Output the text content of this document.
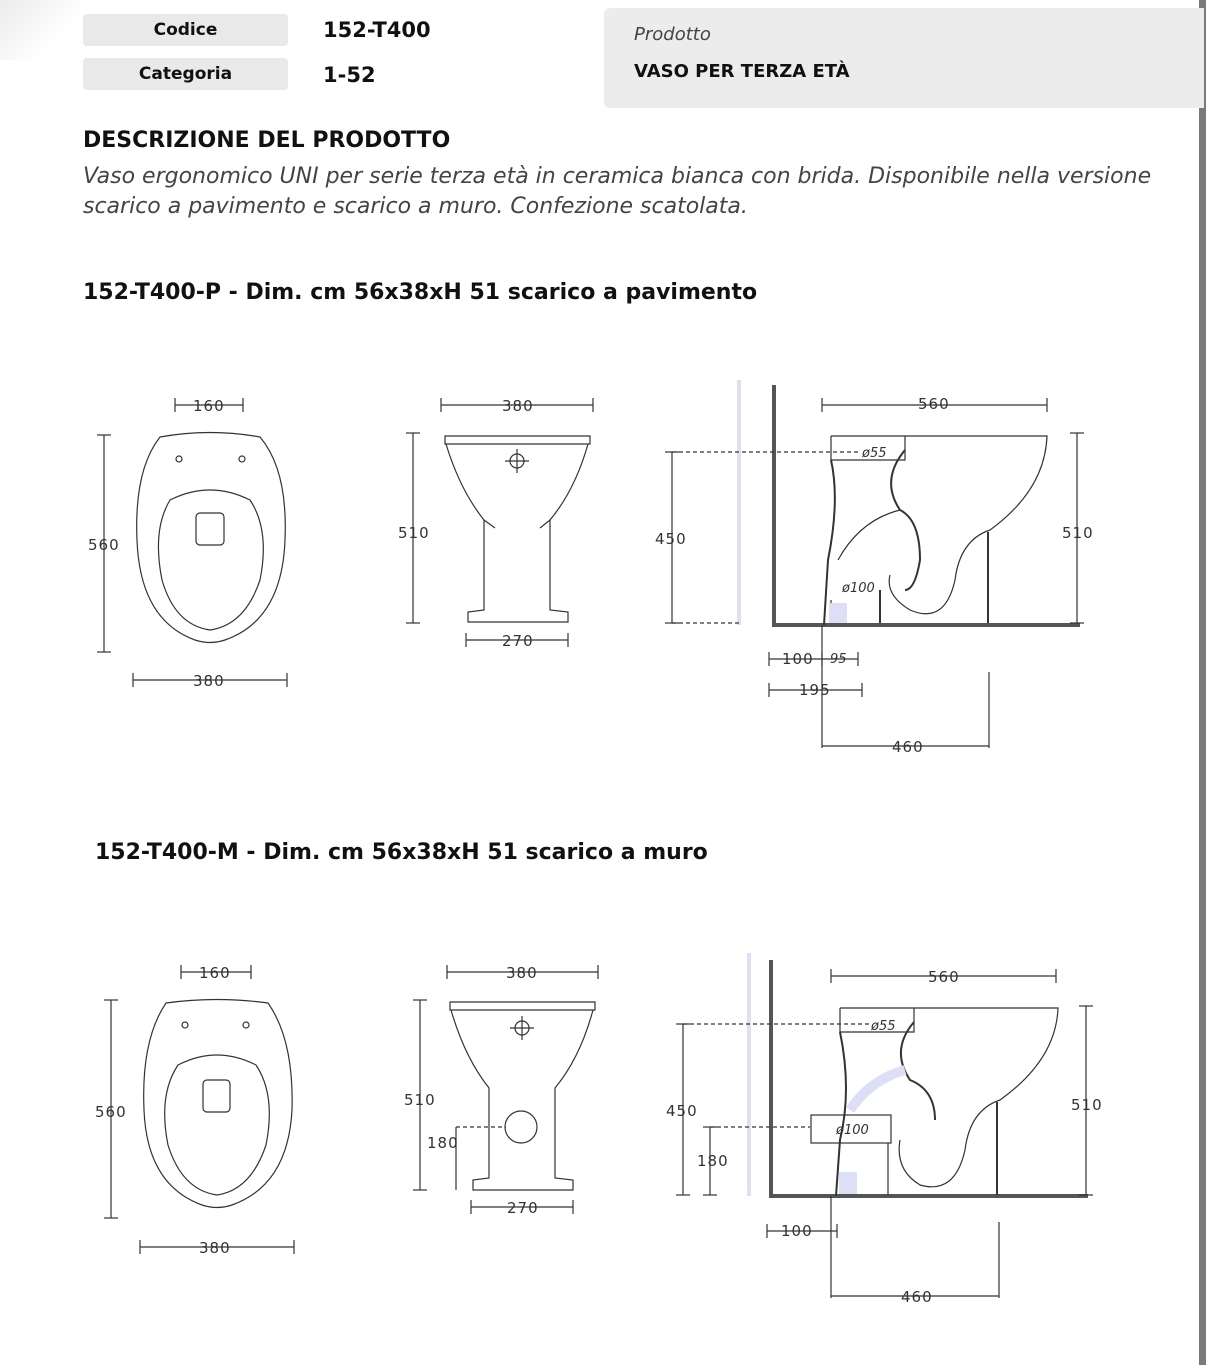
Codice	152-T400
Categoria	1-52
Prodotto
VASO PER TERZA ETÀ
DESCRIZIONE DEL PRODOTTO
Vaso ergonomico UNI per serie terza età in ceramica bianca con brida. Disponibile nella versione scarico a pavimento e scarico a muro. Confezione scatolata.
152-T400-P - Dim. cm 56x38xH 51 scarico a pavimento
160
560
380
380
510
270
560
510
450
ø55
ø100
100 95
195
460
160
560
380
380
510
180
270
560
510
450
ø55
ø100
180
100
460
152-T400-M - Dim. cm 56x38xH 51 scarico a muro
